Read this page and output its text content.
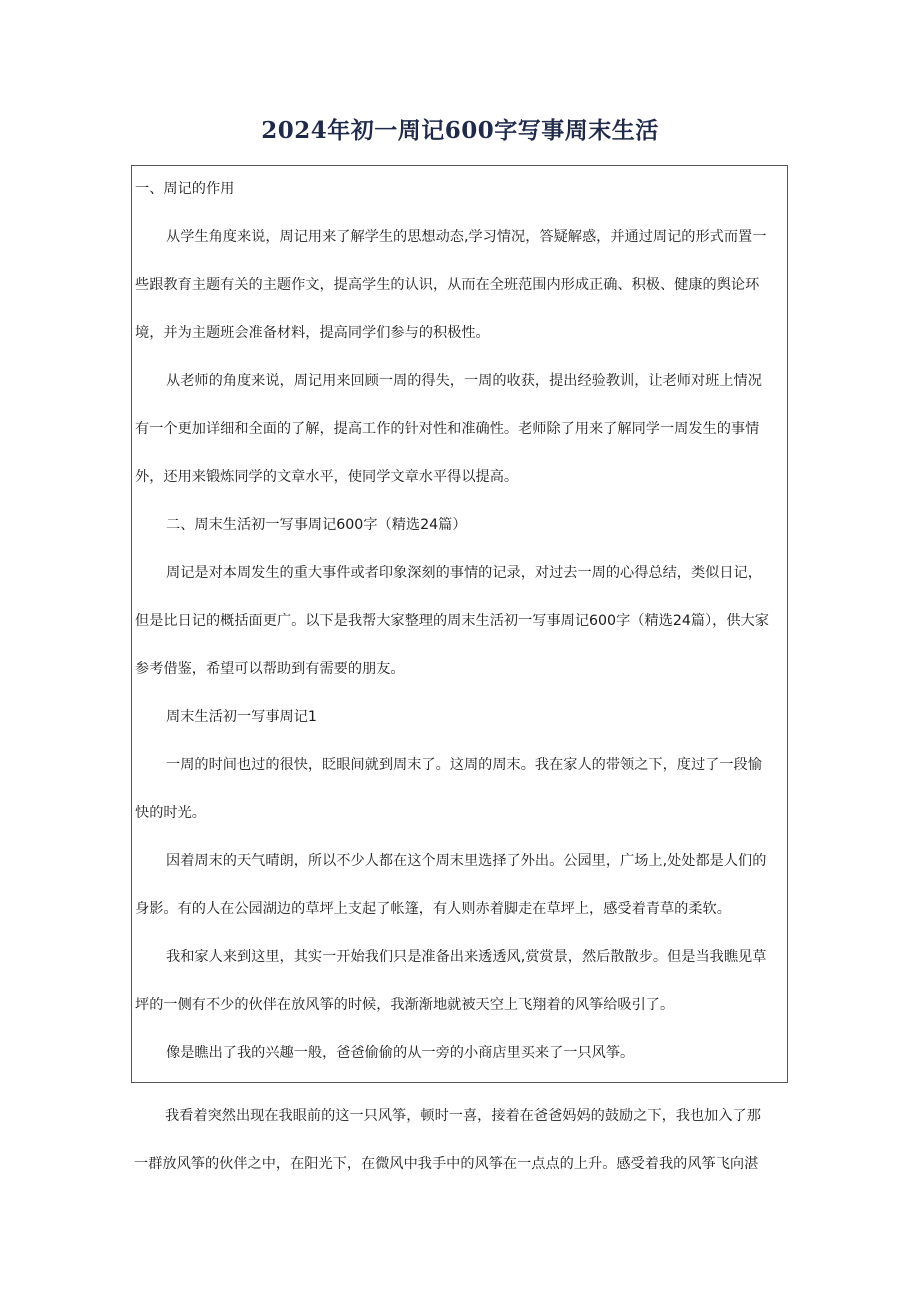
2024年初一周记600字写事周末生活

一、周记的作用

从学生角度来说，周记用来了解学生的思想动态,学习情况，答疑解惑，并通过周记的形式而置一

些跟教育主题有关的主题作文，提高学生的认识，从而在全班范围内形成正确、积极、健康的舆论环

境，并为主题班会准备材料，提高同学们参与的积极性。

从老师的角度来说，周记用来回顾一周的得失，一周的收获，提出经验教训，让老师对班上情况

有一个更加详细和全面的了解，提高工作的针对性和准确性。老师除了用来了解同学一周发生的事情

外，还用来锻炼同学的文章水平，使同学文章水平得以提高。

二、周末生活初一写事周记600字（精选24篇）

周记是对本周发生的重大事件或者印象深刻的事情的记录，对过去一周的心得总结，类似日记，

但是比日记的概括面更广。以下是我帮大家整理的周末生活初一写事周记600字（精选24篇），供大家

参考借鉴，希望可以帮助到有需要的朋友。

周末生活初一写事周记1

一周的时间也过的很快，眨眼间就到周末了。这周的周末。我在家人的带领之下，度过了一段愉

快的时光。

因着周末的天气晴朗，所以不少人都在这个周末里选择了外出。公园里，广场上,处处都是人们的

身影。有的人在公园湖边的草坪上支起了帐篷，有人则赤着脚走在草坪上，感受着青草的柔软。

我和家人来到这里，其实一开始我们只是准备出来透透风,赏赏景，然后散散步。但是当我瞧见草

坪的一侧有不少的伙伴在放风筝的时候，我渐渐地就被天空上飞翔着的风筝给吸引了。

像是瞧出了我的兴趣一般，爸爸偷偷的从一旁的小商店里买来了一只风筝。

我看着突然出现在我眼前的这一只风筝，顿时一喜，接着在爸爸妈妈的鼓励之下，我也加入了那

一群放风筝的伙伴之中，在阳光下，在微风中我手中的风筝在一点点的上升。感受着我的风筝飞向湛
